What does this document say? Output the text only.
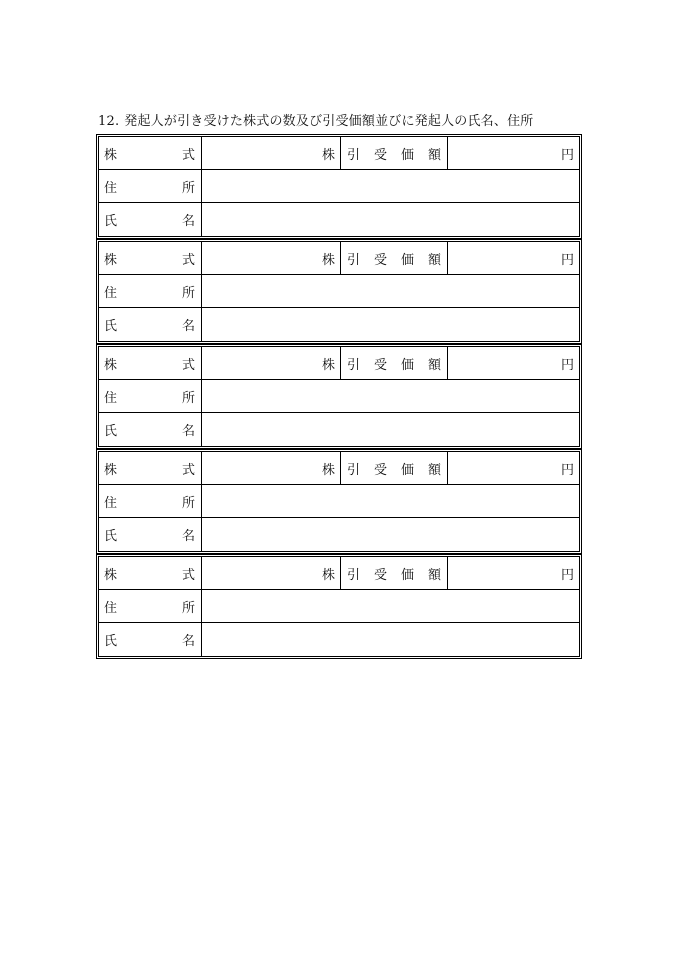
12. 発起人が引き受けた株式の数及び引受価額並びに発起人の氏名、住所
株	式	株 引 受 価 額	円
住	所
氏	名
株	式	株 引 受 価 額	円
住	所
氏	名
株	式	株 引 受 価 額	円
住	所
氏	名
株	式	株 引 受 価 額	円
住	所
氏	名
株	式	株 引 受 価 額	円
住	所
氏	名
